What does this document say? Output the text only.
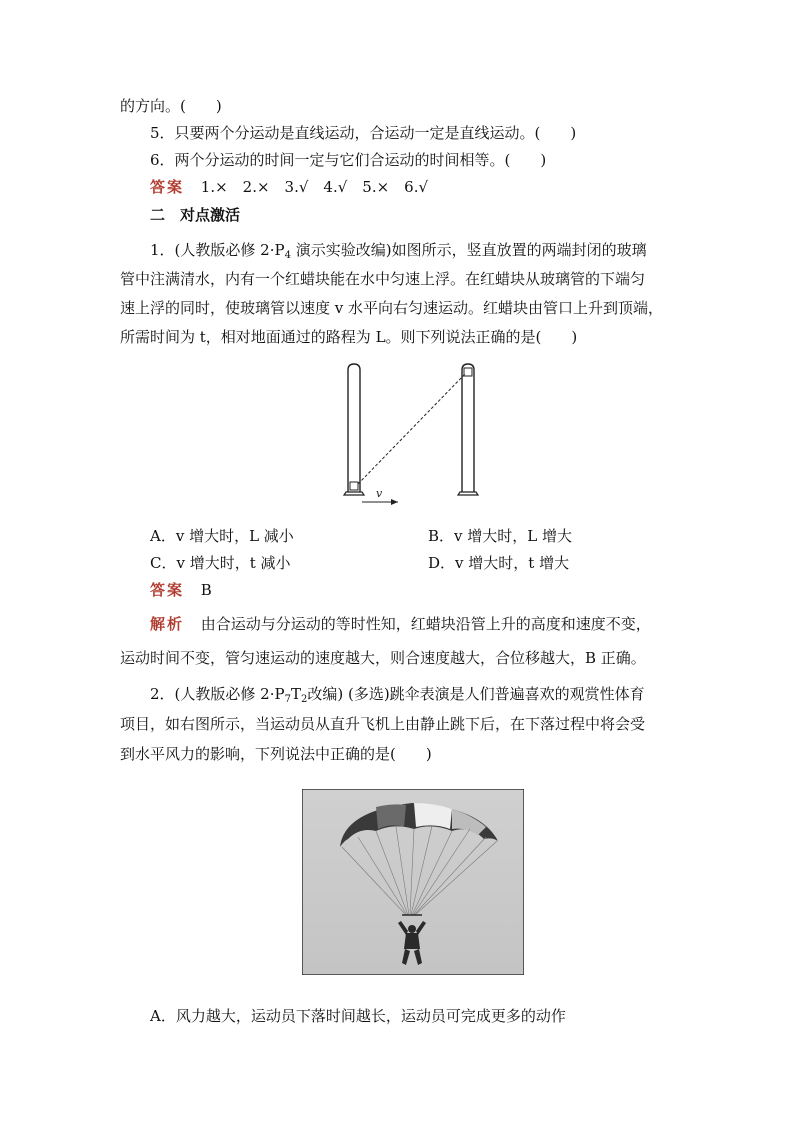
的方向。(　　)
5．只要两个分运动是直线运动，合运动一定是直线运动。(　　)
6．两个分运动的时间一定与它们合运动的时间相等。(　　)
答案 1.×　2.×　3.√　4.√　5.×　6.√
二　对点激活
1．(人教版必修 $2\cdot P_4$ 演示实验改编)如图所示，竖直放置的两端封闭的玻璃
管中注满清水，内有一个红蜡块能在水中匀速上浮。在红蜡块从玻璃管的下端匀
速上浮的同时，使玻璃管以速度 v 水平向右匀速运动。红蜡块由管口上升到顶端，
所需时间为 t，相对地面通过的路程为 L。则下列说法正确的是(　　)
v
A．v 增大时，L 减小	B．v 增大时，L 增大
C．v 增大时，t 减小	D．v 增大时，t 增大
答案 B
解析 由合运动与分运动的等时性知，红蜡块沿管上升的高度和速度不变，
运动时间不变，管匀速运动的速度越大，则合速度越大，合位移越大，B 正确。
2．(人教版必修 $2\cdot P_7T_2$改编) (多选)跳伞表演是人们普遍喜欢的观赏性体育
项目，如右图所示，当运动员从直升飞机上由静止跳下后，在下落过程中将会受
到水平风力的影响，下列说法中正确的是(　　)
A．风力越大，运动员下落时间越长，运动员可完成更多的动作
